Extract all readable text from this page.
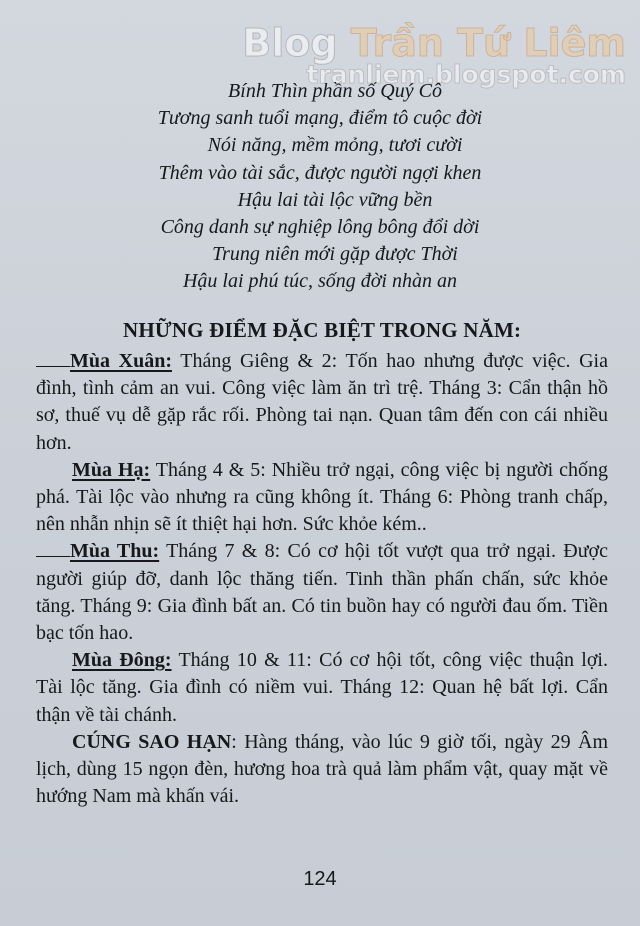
Blog Trần Tứ Liêm
tranliem.blogspot.com
Bính Thìn phần số Quý Cô
Tương sanh tuổi mạng, điểm tô cuộc đời
Nói năng, mềm mỏng, tươi cười
Thêm vào tài sắc, được người ngợi khen
Hậu lai tài lộc vững bền
Công danh sự nghiệp lông bông đổi dời
Trung niên mới gặp được Thời
Hậu lai phú túc, sống đời nhàn an
NHỮNG ĐIỂM ĐẶC BIỆT TRONG NĂM:
Mùa Xuân: Tháng Giêng & 2: Tốn hao nhưng được việc. Gia đình, tình cảm an vui. Công việc làm ăn trì trệ. Tháng 3: Cẩn thận hồ sơ, thuế vụ dễ gặp rắc rối. Phòng tai nạn. Quan tâm đến con cái nhiều hơn.
Mùa Hạ: Tháng 4 & 5: Nhiều trở ngại, công việc bị người chống phá. Tài lộc vào nhưng ra cũng không ít. Tháng 6: Phòng tranh chấp, nên nhẫn nhịn sẽ ít thiệt hại hơn. Sức khỏe kém..
Mùa Thu: Tháng 7 & 8: Có cơ hội tốt vượt qua trở ngại. Được người giúp đỡ, danh lộc thăng tiến. Tinh thần phấn chấn, sức khỏe tăng. Tháng 9: Gia đình bất an. Có tin buồn hay có người đau ốm. Tiền bạc tốn hao.
Mùa Đông: Tháng 10 & 11: Có cơ hội tốt, công việc thuận lợi. Tài lộc tăng. Gia đình có niềm vui. Tháng 12: Quan hệ bất lợi. Cẩn thận về tài chánh.
CÚNG SAO HẠN: Hàng tháng, vào lúc 9 giờ tối, ngày 29 Âm lịch, dùng 15 ngọn đèn, hương hoa trà quả làm phẩm vật, quay mặt về hướng Nam mà khấn vái.
124
